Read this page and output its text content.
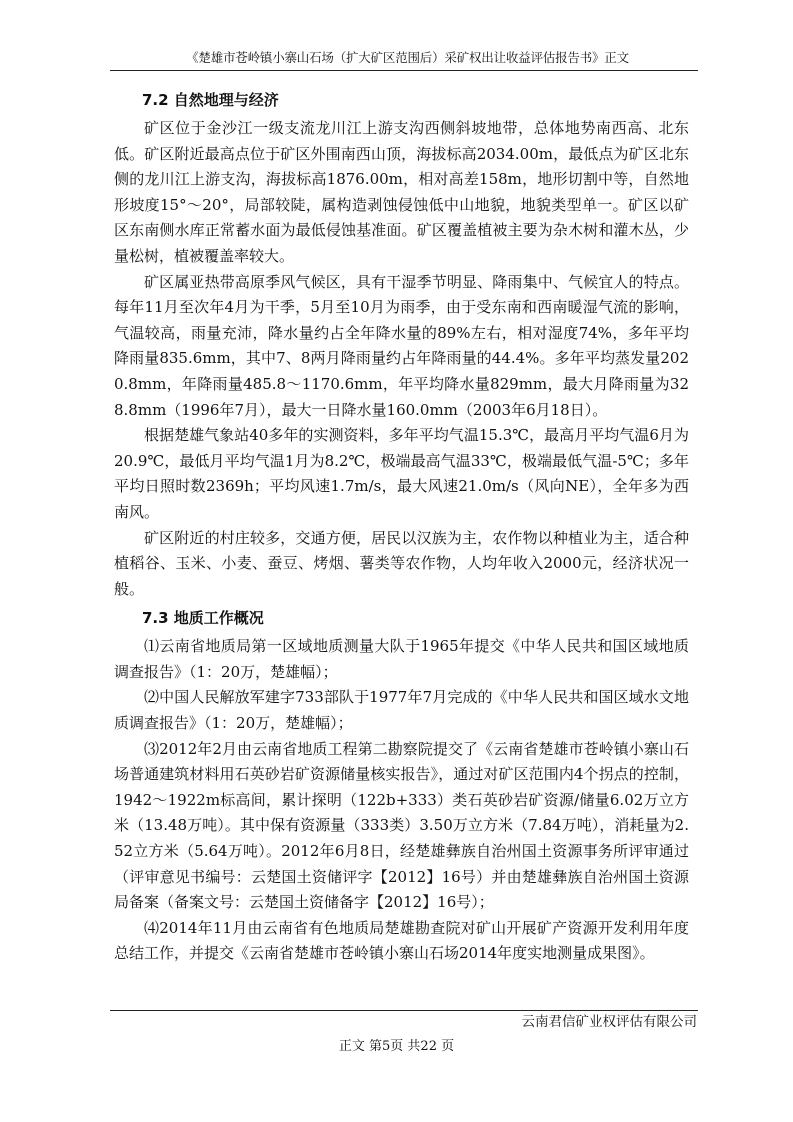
《楚雄市苍岭镇小寨山石场（扩大矿区范围后）采矿权出让收益评估报告书》正文
7.2 自然地理与经济

矿区位于金沙江一级支流龙川江上游支沟西侧斜坡地带，总体地势南西高、北东低。矿区附近最高点位于矿区外围南西山顶，海拔标高2034.00m，最低点为矿区北东侧的龙川江上游支沟，海拔标高1876.00m，相对高差158m，地形切割中等，自然地形坡度15°～20°，局部较陡，属构造剥蚀侵蚀低中山地貌，地貌类型单一。矿区以矿区东南侧水库正常蓄水面为最低侵蚀基准面。矿区覆盖植被主要为杂木树和灌木丛，少量松树，植被覆盖率较大。

矿区属亚热带高原季风气候区，具有干湿季节明显、降雨集中、气候宜人的特点。每年11月至次年4月为干季，5月至10月为雨季，由于受东南和西南暖湿气流的影响，气温较高，雨量充沛，降水量约占全年降水量的89%左右，相对湿度74%，多年平均降雨量835.6mm，其中7、8两月降雨量约占年降雨量的44.4%。多年平均蒸发量2020.8mm，年降雨量485.8～1170.6mm，年平均降水量829mm，最大月降雨量为328.8mm（1996年7月），最大一日降水量160.0mm（2003年6月18日）。

根据楚雄气象站40多年的实测资料，多年平均气温15.3℃，最高月平均气温6月为20.9℃，最低月平均气温1月为8.2℃，极端最高气温33℃，极端最低气温-5℃；多年平均日照时数2369h；平均风速1.7m/s，最大风速21.0m/s（风向NE），全年多为西南风。

矿区附近的村庄较多，交通方便，居民以汉族为主，农作物以种植业为主，适合种植稻谷、玉米、小麦、蚕豆、烤烟、薯类等农作物，人均年收入2000元，经济状况一般。

7.3 地质工作概况

⑴云南省地质局第一区域地质测量大队于1965年提交《中华人民共和国区域地质调查报告》（1：20万，楚雄幅）；

⑵中国人民解放军建字733部队于1977年7月完成的《中华人民共和国区域水文地质调查报告》（1：20万，楚雄幅）；

⑶2012年2月由云南省地质工程第二勘察院提交了《云南省楚雄市苍岭镇小寨山石场普通建筑材料用石英砂岩矿资源储量核实报告》，通过对矿区范围内4个拐点的控制，1942～1922m标高间，累计探明（122b+333）类石英砂岩矿资源/储量6.02万立方米（13.48万吨）。其中保有资源量（333类）3.50万立方米（7.84万吨），消耗量为2.52立方米（5.64万吨）。2012年6月8日，经楚雄彝族自治州国土资源事务所评审通过（评审意见书编号：云楚国土资储评字【2012】16号）并由楚雄彝族自治州国土资源局备案（备案文号：云楚国土资储备字【2012】16号）；

⑷2014年11月由云南省有色地质局楚雄勘查院对矿山开展矿产资源开发利用年度总结工作，并提交《云南省楚雄市苍岭镇小寨山石场2014年度实地测量成果图》。

云南君信矿业权评估有限公司
正文 第5页 共22 页
